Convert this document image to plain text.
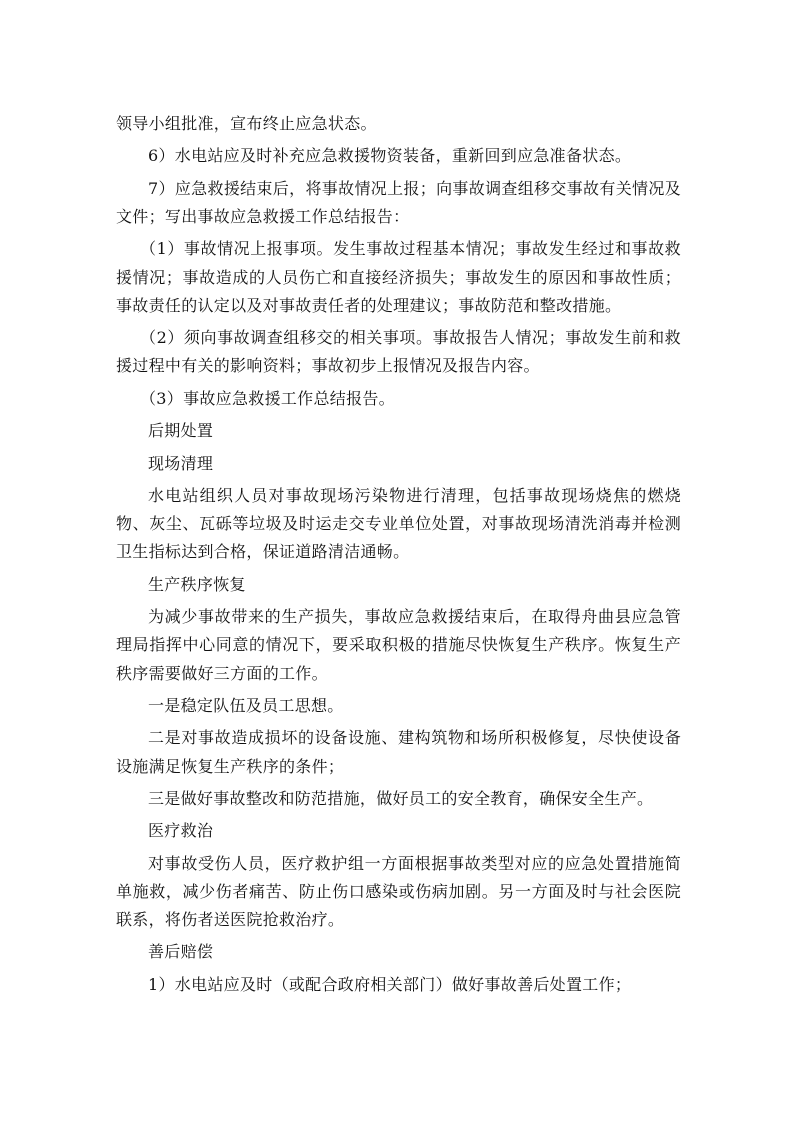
领导小组批准，宣布终止应急状态。

6）水电站应及时补充应急救援物资装备，重新回到应急准备状态。

7）应急救援结束后，将事故情况上报；向事故调查组移交事故有关情况及文件；写出事故应急救援工作总结报告：

（1）事故情况上报事项。发生事故过程基本情况；事故发生经过和事故救援情况；事故造成的人员伤亡和直接经济损失；事故发生的原因和事故性质；事故责任的认定以及对事故责任者的处理建议；事故防范和整改措施。

（2）须向事故调查组移交的相关事项。事故报告人情况；事故发生前和救援过程中有关的影响资料；事故初步上报情况及报告内容。

（3）事故应急救援工作总结报告。

后期处置

现场清理

水电站组织人员对事故现场污染物进行清理，包括事故现场烧焦的燃烧物、灰尘、瓦砾等垃圾及时运走交专业单位处置，对事故现场清洗消毒并检测卫生指标达到合格，保证道路清洁通畅。

生产秩序恢复

为减少事故带来的生产损失，事故应急救援结束后，在取得舟曲县应急管理局指挥中心同意的情况下，要采取积极的措施尽快恢复生产秩序。恢复生产秩序需要做好三方面的工作。

一是稳定队伍及员工思想。

二是对事故造成损坏的设备设施、建构筑物和场所积极修复，尽快使设备设施满足恢复生产秩序的条件；

三是做好事故整改和防范措施，做好员工的安全教育，确保安全生产。

医疗救治

对事故受伤人员，医疗救护组一方面根据事故类型对应的应急处置措施简单施救，减少伤者痛苦、防止伤口感染或伤病加剧。另一方面及时与社会医院联系，将伤者送医院抢救治疗。

善后赔偿

1）水电站应及时（或配合政府相关部门）做好事故善后处置工作；
